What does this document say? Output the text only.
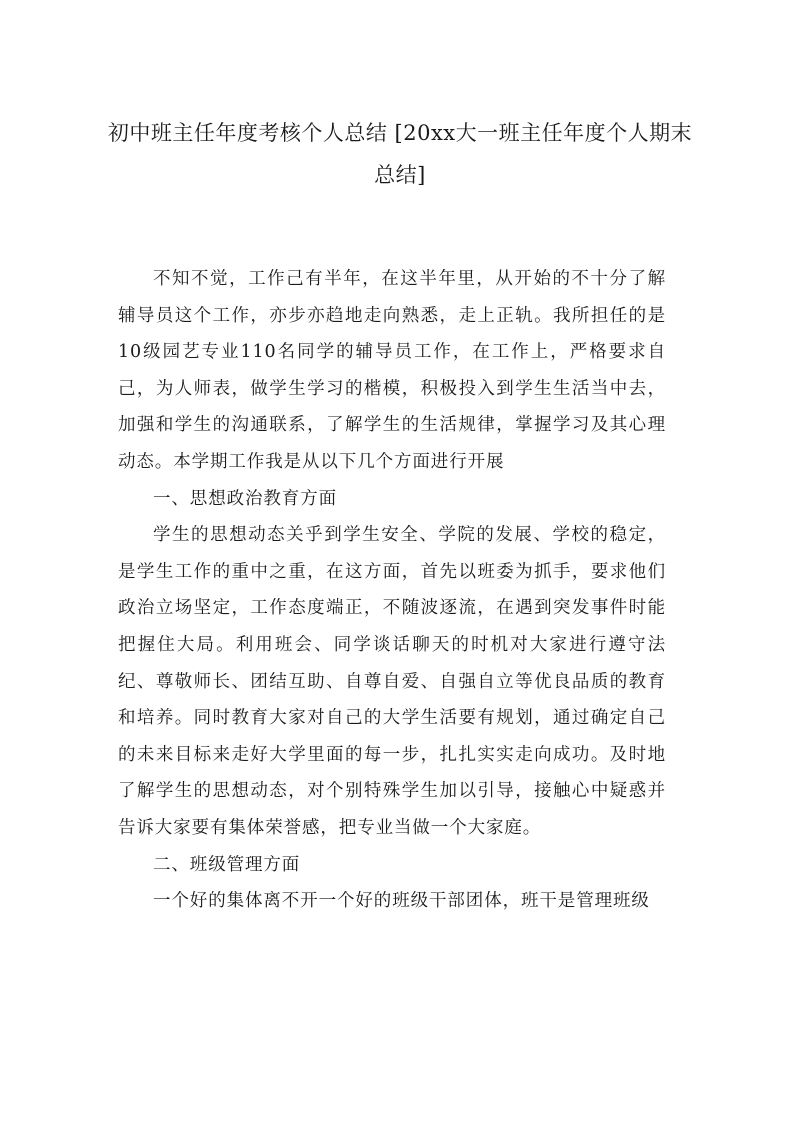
初中班主任年度考核个人总结 [20xx大一班主任年度个人期末总结]

不知不觉，工作己有半年，在这半年里，从开始的不十分了解辅导员这个工作，亦步亦趋地走向熟悉，走上正轨。我所担任的是10级园艺专业110名同学的辅导员工作，在工作上，严格要求自己，为人师表，做学生学习的楷模，积极投入到学生生活当中去，加强和学生的沟通联系，了解学生的生活规律，掌握学习及其心理动态。本学期工作我是从以下几个方面进行开展

一、思想政治教育方面

学生的思想动态关乎到学生安全、学院的发展、学校的稳定，是学生工作的重中之重，在这方面，首先以班委为抓手，要求他们政治立场坚定，工作态度端正，不随波逐流，在遇到突发事件时能把握住大局。利用班会、同学谈话聊天的时机对大家进行遵守法纪、尊敬师长、团结互助、自尊自爱、自强自立等优良品质的教育和培养。同时教育大家对自己的大学生活要有规划，通过确定自己的未来目标来走好大学里面的每一步，扎扎实实走向成功。及时地了解学生的思想动态，对个别特殊学生加以引导，接触心中疑惑并告诉大家要有集体荣誉感，把专业当做一个大家庭。

二、班级管理方面

一个好的集体离不开一个好的班级干部团体，班干是管理班级
